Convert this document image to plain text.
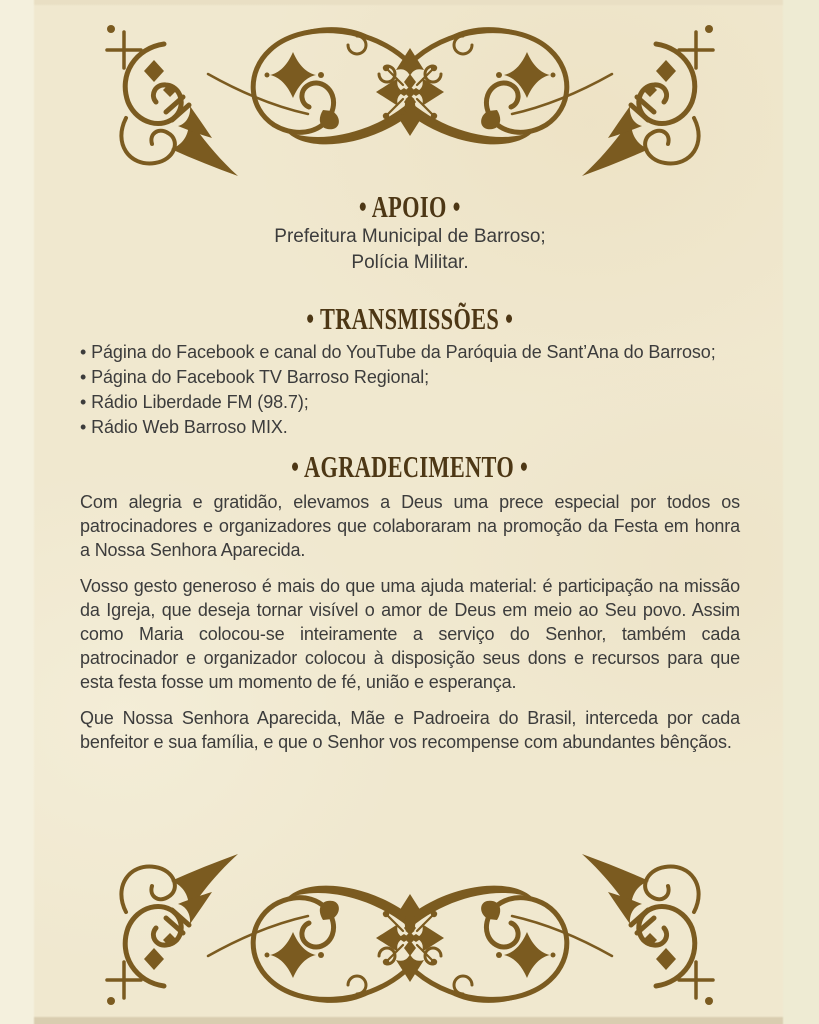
• APOIO •

Prefeitura Municipal de Barroso;

Polícia Militar.

• TRANSMISSÕES •

• Página do Facebook e canal do YouTube da Paróquia de Sant’Ana do Barroso;

• Página do Facebook TV Barroso Regional;

• Rádio Liberdade FM (98.7);

• Rádio Web Barroso MIX.

• AGRADECIMENTO •

Com alegria e gratidão, elevamos a Deus uma prece especial por todos os patrocinadores e organizadores que colaboraram na promoção da Festa em honra a Nossa Senhora Aparecida.

Vosso gesto generoso é mais do que uma ajuda material: é participação na missão da Igreja, que deseja tornar visível o amor de Deus em meio ao Seu povo. Assim como Maria colocou-se inteiramente a serviço do Senhor, também cada patrocinador e organizador colocou à disposição seus dons e recursos para que esta festa fosse um momento de fé, união e esperança.

Que Nossa Senhora Aparecida, Mãe e Padroeira do Brasil, interceda por cada benfeitor e sua família, e que o Senhor vos recompense com abundantes bênçãos.
